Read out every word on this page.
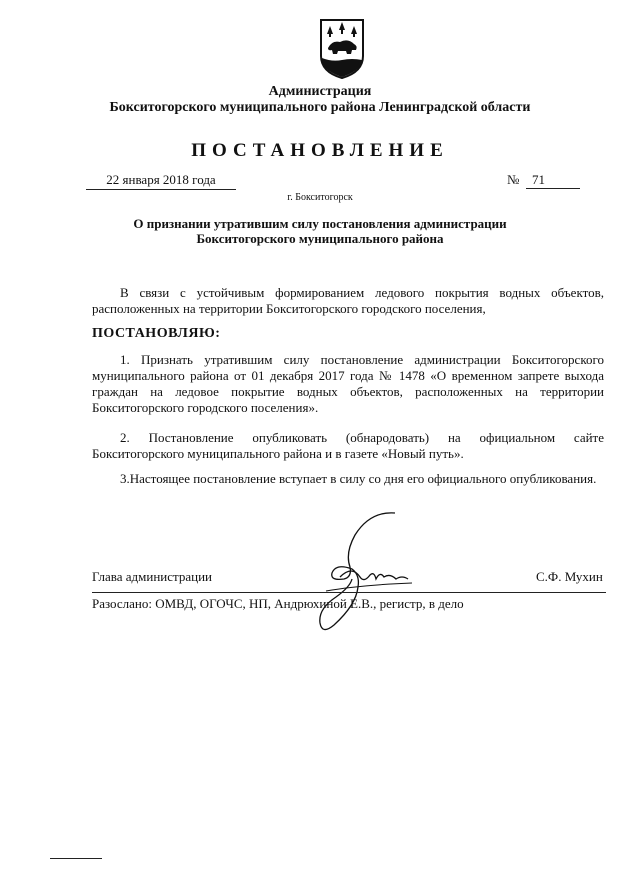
Администрация
Бокситогорского муниципального района Ленинградской области
ПОСТАНОВЛЕНИЕ
22 января 2018 года	№ 71
г. Бокситогорск
О признании утратившим силу постановления администрации
Бокситогорского муниципального района

В связи с устойчивым формированием ледового покрытия водных объектов, расположенных на территории Бокситогорского городского поселения,

ПОСТАНОВЛЯЮ:

1. Признать утратившим силу постановление администрации Бокситогорского муниципального района от 01 декабря 2017 года № 1478 «О временном запрете выхода граждан на ледовое покрытие водных объектов, расположенных на территории Бокситогорского городского поселения».

2. Постановление опубликовать (обнародовать) на официальном сайте Бокситогорского муниципального района и в газете «Новый путь».

3.Настоящее постановление вступает в силу со дня его официального опубликования.

Глава администрации	С.Ф. Мухин
Разослано: ОМВД, ОГОЧС, НП, Андрюхиной Е.В., регистр, в дело
